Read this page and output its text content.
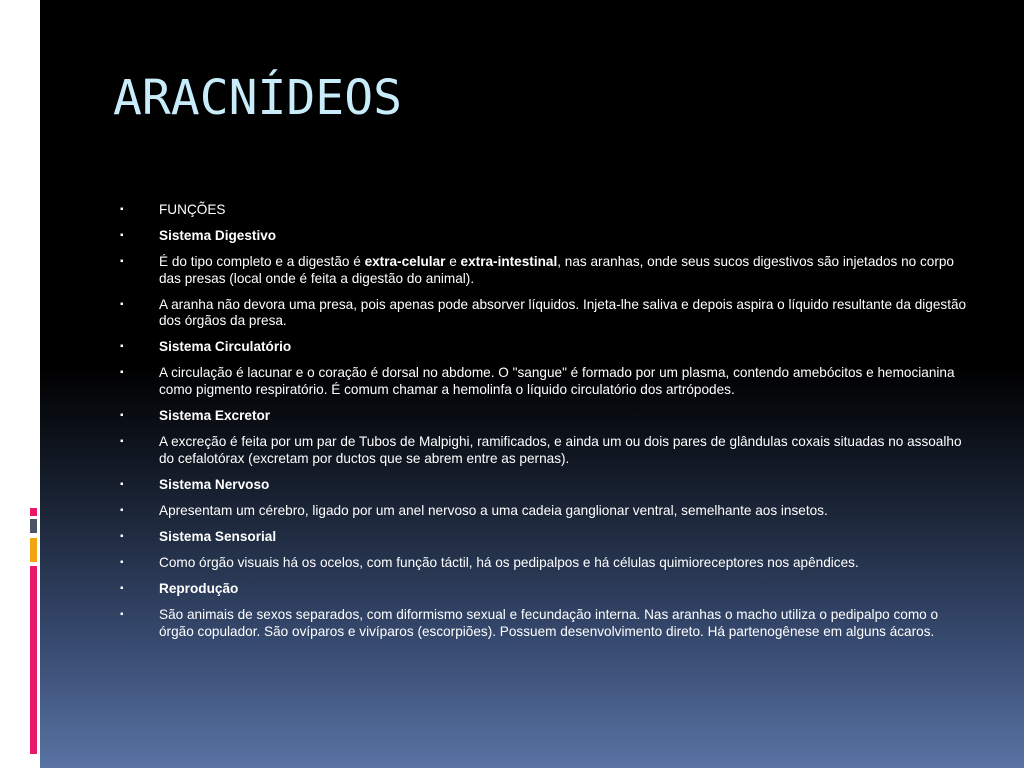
ARACNÍDEOS
▪	FUNÇÕES
▪	Sistema Digestivo
▪	É do tipo completo e a digestão é extra-celular e extra-intestinal, nas aranhas, onde seus sucos digestivos são injetados no corpo das presas (local onde é feita a digestão do animal).
▪	A aranha não devora uma presa, pois apenas pode absorver líquidos. Injeta-lhe saliva e depois aspira o líquido resultante da digestão dos órgãos da presa.
▪	Sistema Circulatório
▪	A circulação é lacunar e o coração é dorsal no abdome. O "sangue" é formado por um plasma, contendo amebócitos e hemocianina como pigmento respiratório. É comum chamar a hemolinfa o líquido circulatório dos artrópodes.
▪	Sistema Excretor
▪	A excreção é feita por um par de Tubos de Malpighi, ramificados, e ainda um ou dois pares de glândulas coxais situadas no assoalho do cefalotórax (excretam por ductos que se abrem entre as pernas).
▪	Sistema Nervoso
▪	Apresentam um cérebro, ligado por um anel nervoso a uma cadeia ganglionar ventral, semelhante aos insetos.
▪	Sistema Sensorial
▪	Como órgão visuais há os ocelos, com função táctil, há os pedipalpos e há células quimioreceptores nos apêndices.
▪	Reprodução
▪	São animais de sexos separados, com diformismo sexual e fecundação interna. Nas aranhas o macho utiliza o pedipalpo como o órgão copulador. São ovíparos e vivíparos (escorpiões). Possuem desenvolvimento direto. Há partenogênese em alguns ácaros.
